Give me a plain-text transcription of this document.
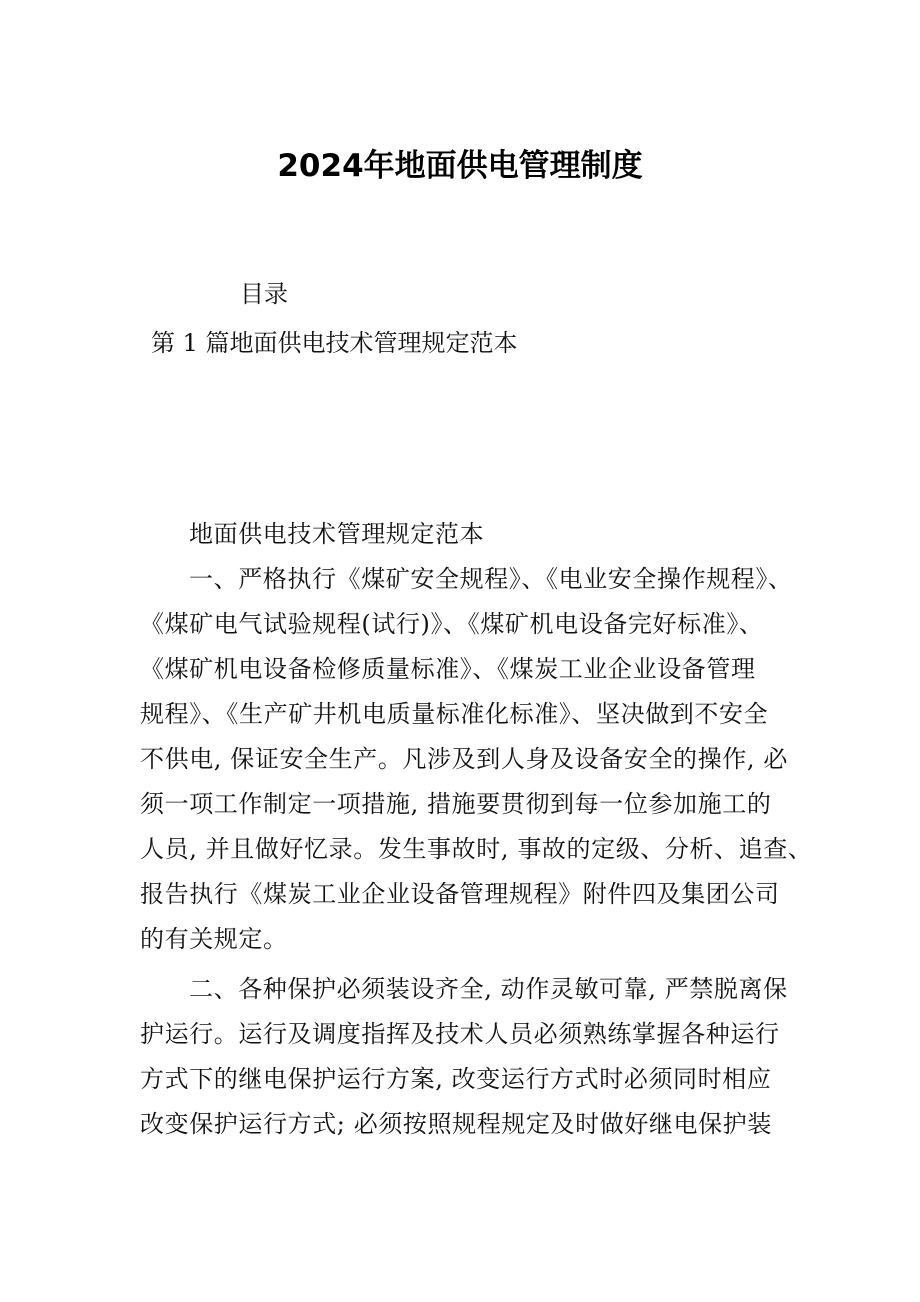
2024年地面供电管理制度
目录
第 1 篇地面供电技术管理规定范本
地面供电技术管理规定范本
一、严格执行《煤矿安全规程》、《电业安全操作规程》、
《煤矿电气试验规程(试行)》、《煤矿机电设备完好标准》、
《煤矿机电设备检修质量标准》、《煤炭工业企业设备管理
规程》、《生产矿井机电质量标准化标准》、坚决做到不安全
不供电, 保证安全生产。凡涉及到人身及设备安全的操作, 必
须一项工作制定一项措施, 措施要贯彻到每一位参加施工的
人员, 并且做好忆录。发生事故时, 事故的定级、分析、追查、
报告执行《煤炭工业企业设备管理规程》附件四及集团公司
的有关规定。
二、各种保护必须装设齐全, 动作灵敏可靠, 严禁脱离保
护运行。运行及调度指挥及技术人员必须熟练掌握各种运行
方式下的继电保护运行方案, 改变运行方式时必须同时相应
改变保护运行方式; 必须按照规程规定及时做好继电保护装
